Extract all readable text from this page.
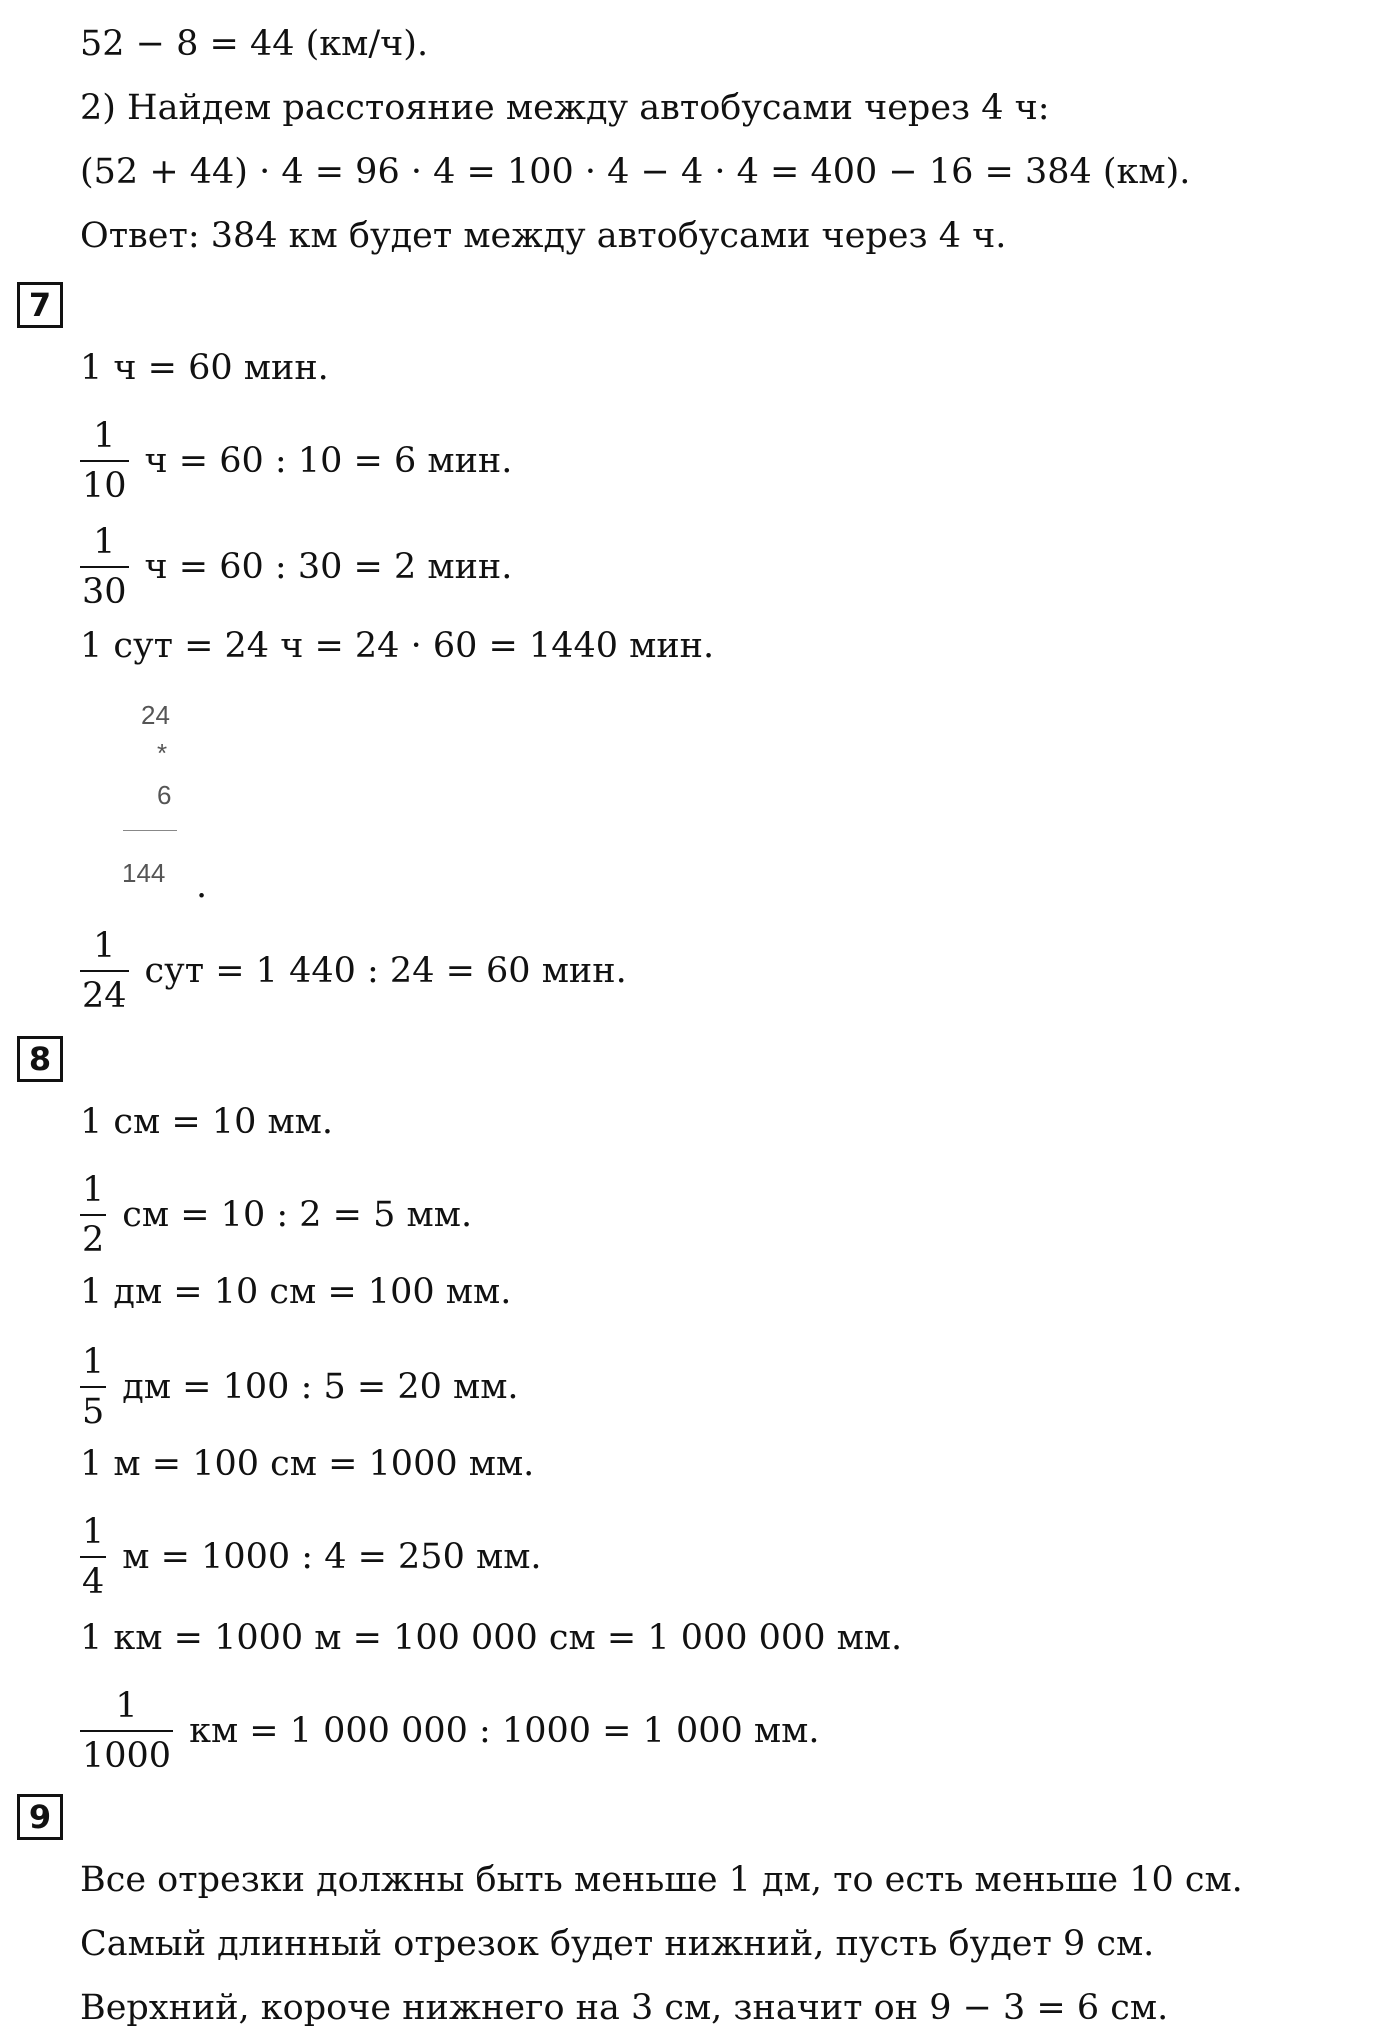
52 − 8 = 44 (км/ч).
2) Найдем расстояние между автобусами через 4 ч:
(52 + 44) · 4 = 96 · 4 = 100 · 4 − 4 · 4 = 400 − 16 = 384 (км).
Ответ: 384 км будет между автобусами через 4 ч.
7
1 ч = 60 мин.
$\frac{1}{10}$ ч = 60 : 10 = 6 мин.
$\frac{1}{30}$ ч = 60 : 30 = 2 мин.
1 сут = 24 ч = 24 · 60 = 1440 мин.
24
*
6
144 .
$\frac{1}{24}$ сут = 1 440 : 24 = 60 мин.
8
1 см = 10 мм.
$\frac{1}{2}$ см = 10 : 2 = 5 мм.
1 дм = 10 см = 100 мм.
$\frac{1}{5}$ дм = 100 : 5 = 20 мм.
1 м = 100 см = 1000 мм.
$\frac{1}{4}$ м = 1000 : 4 = 250 мм.
1 км = 1000 м = 100 000 см = 1 000 000 мм.
$\frac{1}{1000}$ км = 1 000 000 : 1000 = 1 000 мм.
9
Все отрезки должны быть меньше 1 дм, то есть меньше 10 см.
Самый длинный отрезок будет нижний, пусть будет 9 см.
Верхний, короче нижнего на 3 см, значит он 9 − 3 = 6 см.
